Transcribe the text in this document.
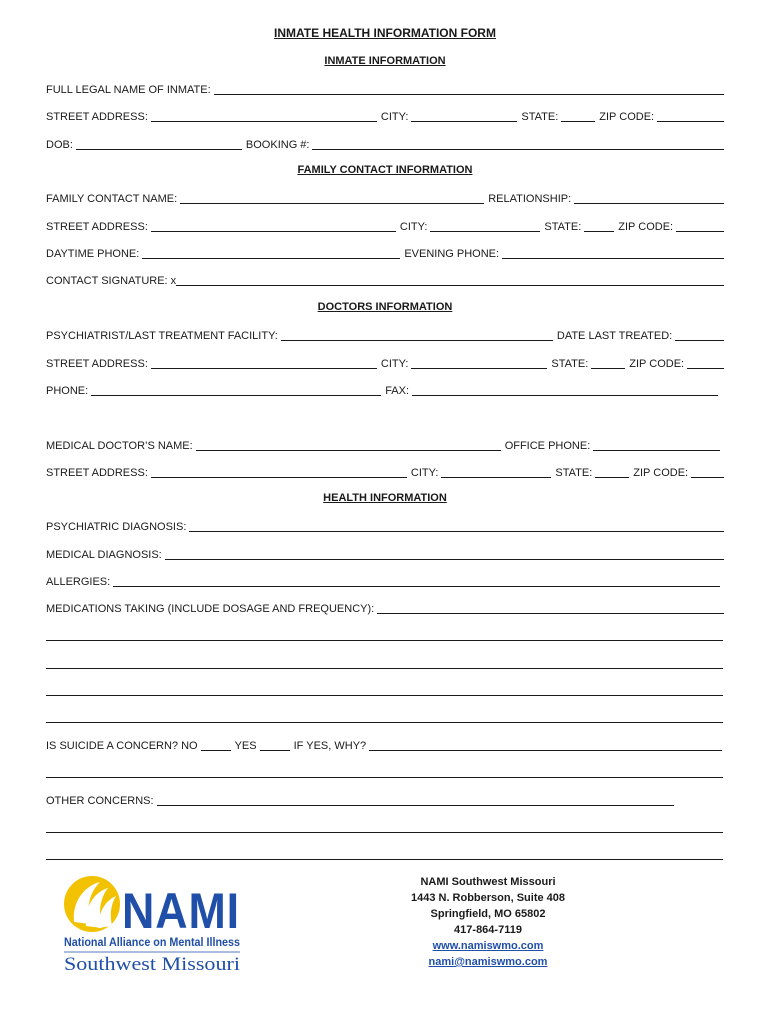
INMATE HEALTH INFORMATION FORM
INMATE INFORMATION
FULL LEGAL NAME OF INMATE:
STREET ADDRESS:	CITY:	STATE:	ZIP CODE:
DOB:	BOOKING #:
FAMILY CONTACT INFORMATION
FAMILY CONTACT NAME:	RELATIONSHIP:
STREET ADDRESS:	CITY:	STATE:	ZIP CODE:
DAYTIME PHONE:	EVENING PHONE:
CONTACT SIGNATURE: x
DOCTORS INFORMATION
PSYCHIATRIST/LAST TREATMENT FACILITY:	DATE LAST TREATED:
STREET ADDRESS:	CITY:	STATE:	ZIP CODE:
PHONE:	FAX:
MEDICAL DOCTOR’S NAME:	OFFICE PHONE:
STREET ADDRESS:	CITY:	STATE:	ZIP CODE:
HEALTH INFORMATION
PSYCHIATRIC DIAGNOSIS:
MEDICAL DIAGNOSIS:
ALLERGIES:
MEDICATIONS TAKING (INCLUDE DOSAGE AND FREQUENCY):
IS SUICIDE A CONCERN? NO	YES	IF YES, WHY?
OTHER CONCERNS:
NAMI
National Alliance on Mental Illness
Southwest Missouri
NAMI Southwest Missouri
1443 N. Robberson, Suite 408
Springfield, MO 65802
417-864-7119
www.namiswmo.com
nami@namiswmo.com
